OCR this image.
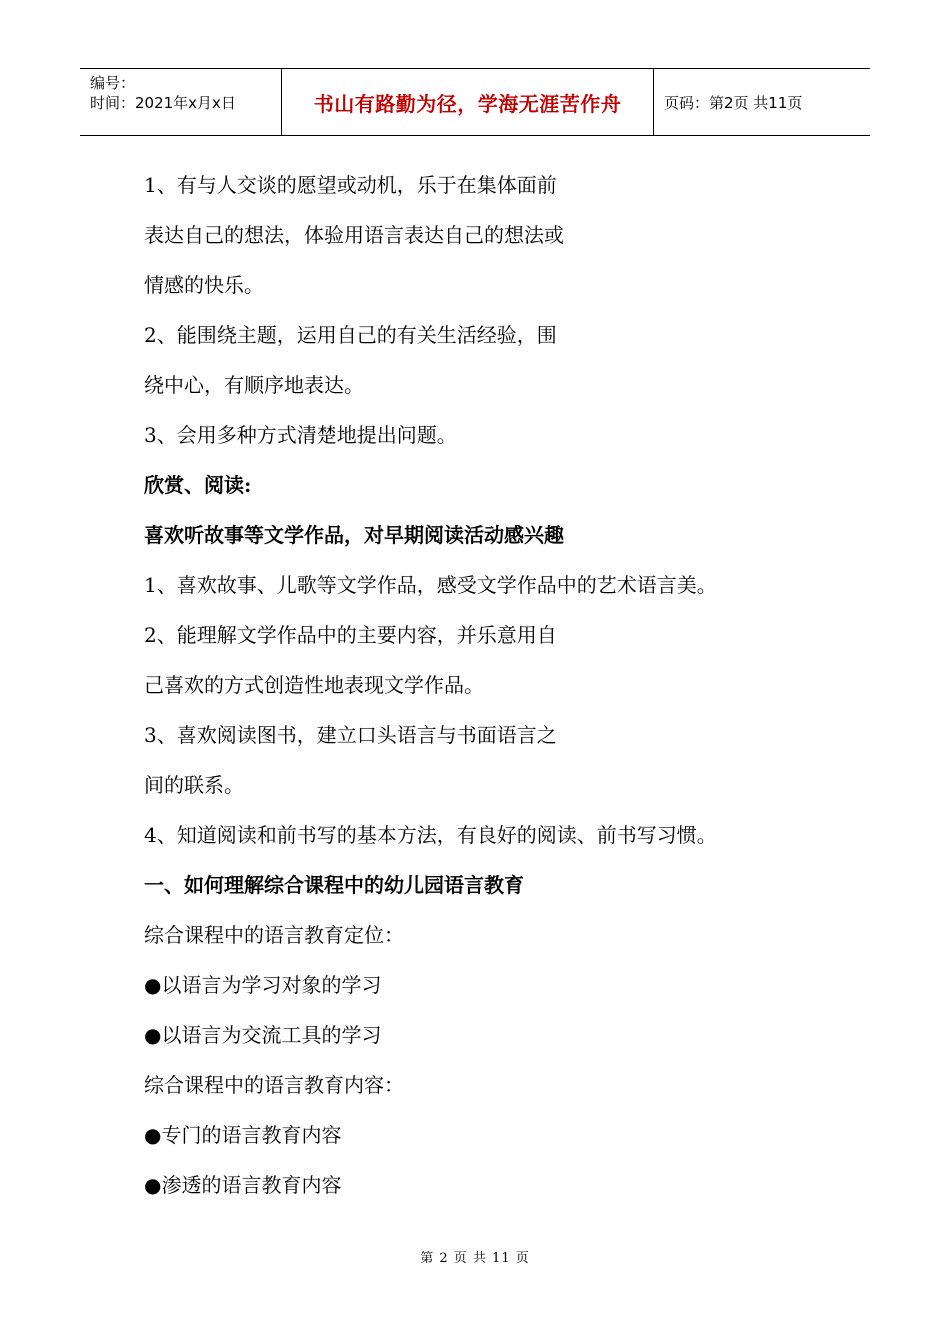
编号：
时间：2021年x月x日	书山有路勤为径，学海无涯苦作舟	页码：第2页 共11页
1、有与人交谈的愿望或动机，乐于在集体面前
表达自己的想法，体验用语言表达自己的想法或
情感的快乐。
2、能围绕主题，运用自己的有关生活经验，围
绕中心，有顺序地表达。
3、会用多种方式清楚地提出问题。
欣赏、阅读:
喜欢听故事等文学作品，对早期阅读活动感兴趣
1、喜欢故事、儿歌等文学作品，感受文学作品中的艺术语言美。
2、能理解文学作品中的主要内容，并乐意用自
己喜欢的方式创造性地表现文学作品。
3、喜欢阅读图书，建立口头语言与书面语言之
间的联系。
4、知道阅读和前书写的基本方法，有良好的阅读、前书写习惯。
一、如何理解综合课程中的幼儿园语言教育
综合课程中的语言教育定位：
●以语言为学习对象的学习
●以语言为交流工具的学习
综合课程中的语言教育内容：
●专门的语言教育内容
●渗透的语言教育内容
第 2 页 共 11 页
